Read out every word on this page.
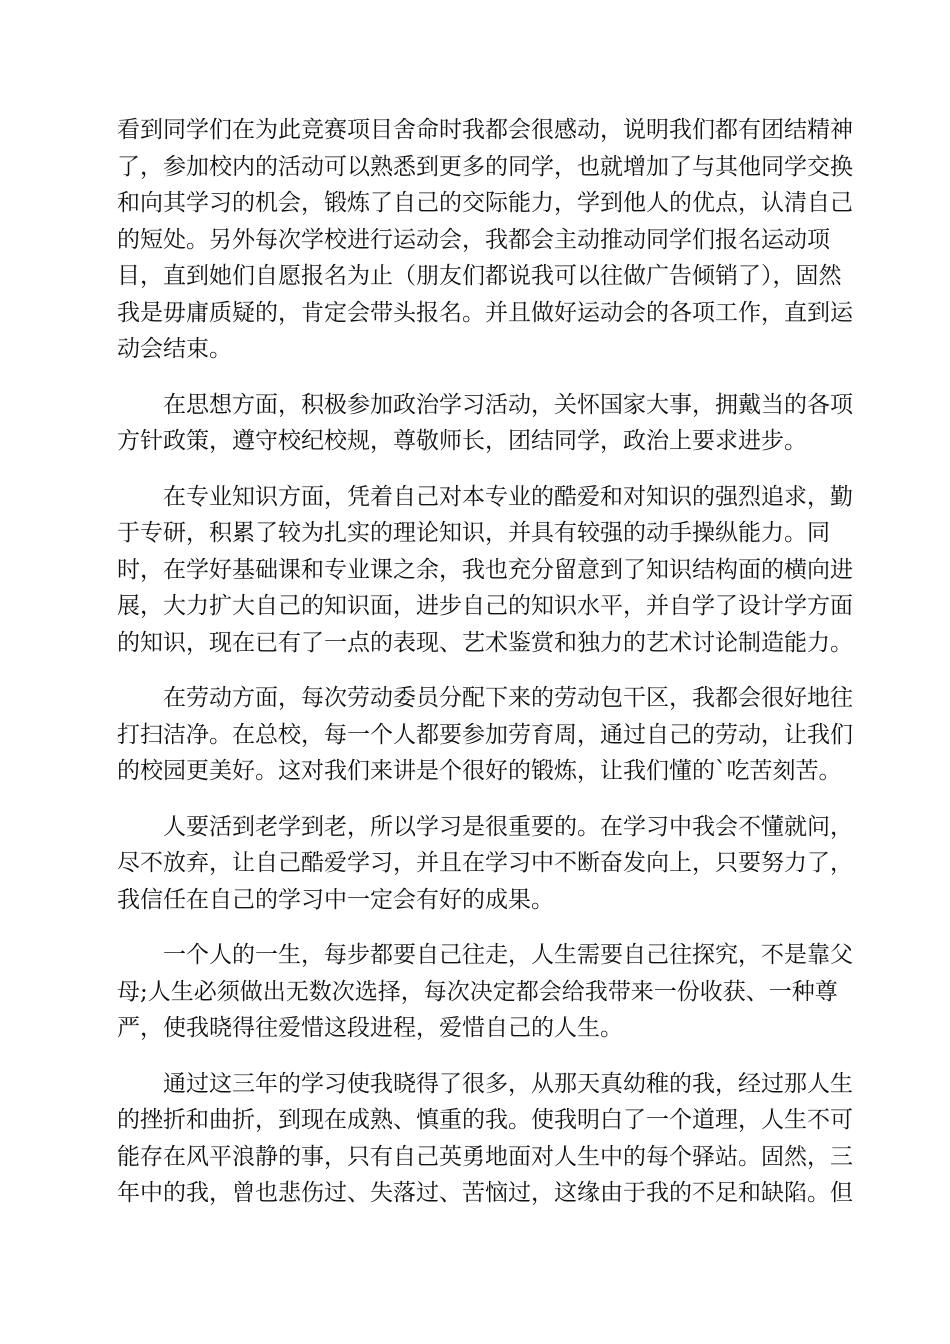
看到同学们在为此竞赛项目舍命时我都会很感动，说明我们都有团结精神
了，参加校内的活动可以熟悉到更多的同学，也就增加了与其他同学交换
和向其学习的机会，锻炼了自己的交际能力，学到他人的优点，认清自己
的短处。另外每次学校进行运动会，我都会主动推动同学们报名运动项
目，直到她们自愿报名为止（朋友们都说我可以往做广告倾销了），固然
我是毋庸质疑的，肯定会带头报名。并且做好运动会的各项工作，直到运
动会结束。

在思想方面，积极参加政治学习活动，关怀国家大事，拥戴当的各项
方针政策，遵守校纪校规，尊敬师长，团结同学，政治上要求进步。

在专业知识方面，凭着自己对本专业的酷爱和对知识的强烈追求，勤
于专研，积累了较为扎实的理论知识，并具有较强的动手操纵能力。同
时，在学好基础课和专业课之余，我也充分留意到了知识结构面的横向进
展，大力扩大自己的知识面，进步自己的知识水平，并自学了设计学方面
的知识，现在已有了一点的表现、艺术鉴赏和独力的艺术讨论制造能力。

在劳动方面，每次劳动委员分配下来的劳动包干区，我都会很好地往
打扫洁净。在总校，每一个人都要参加劳育周，通过自己的劳动，让我们
的校园更美好。这对我们来讲是个很好的锻炼，让我们懂的`吃苦刻苦。

人要活到老学到老，所以学习是很重要的。在学习中我会不懂就问，
尽不放弃，让自己酷爱学习，并且在学习中不断奋发向上，只要努力了，
我信任在自己的学习中一定会有好的成果。

一个人的一生，每步都要自己往走，人生需要自己往探究，不是靠父
母;人生必须做出无数次选择，每次决定都会给我带来一份收获、一种尊
严，使我晓得往爱惜这段进程，爱惜自己的人生。

通过这三年的学习使我晓得了很多，从那天真幼稚的我，经过那人生
的挫折和曲折，到现在成熟、慎重的我。使我明白了一个道理，人生不可
能存在风平浪静的事，只有自己英勇地面对人生中的每个驿站。固然，三
年中的我，曾也悲伤过、失落过、苦恼过，这缘由于我的不足和缺陷。但
